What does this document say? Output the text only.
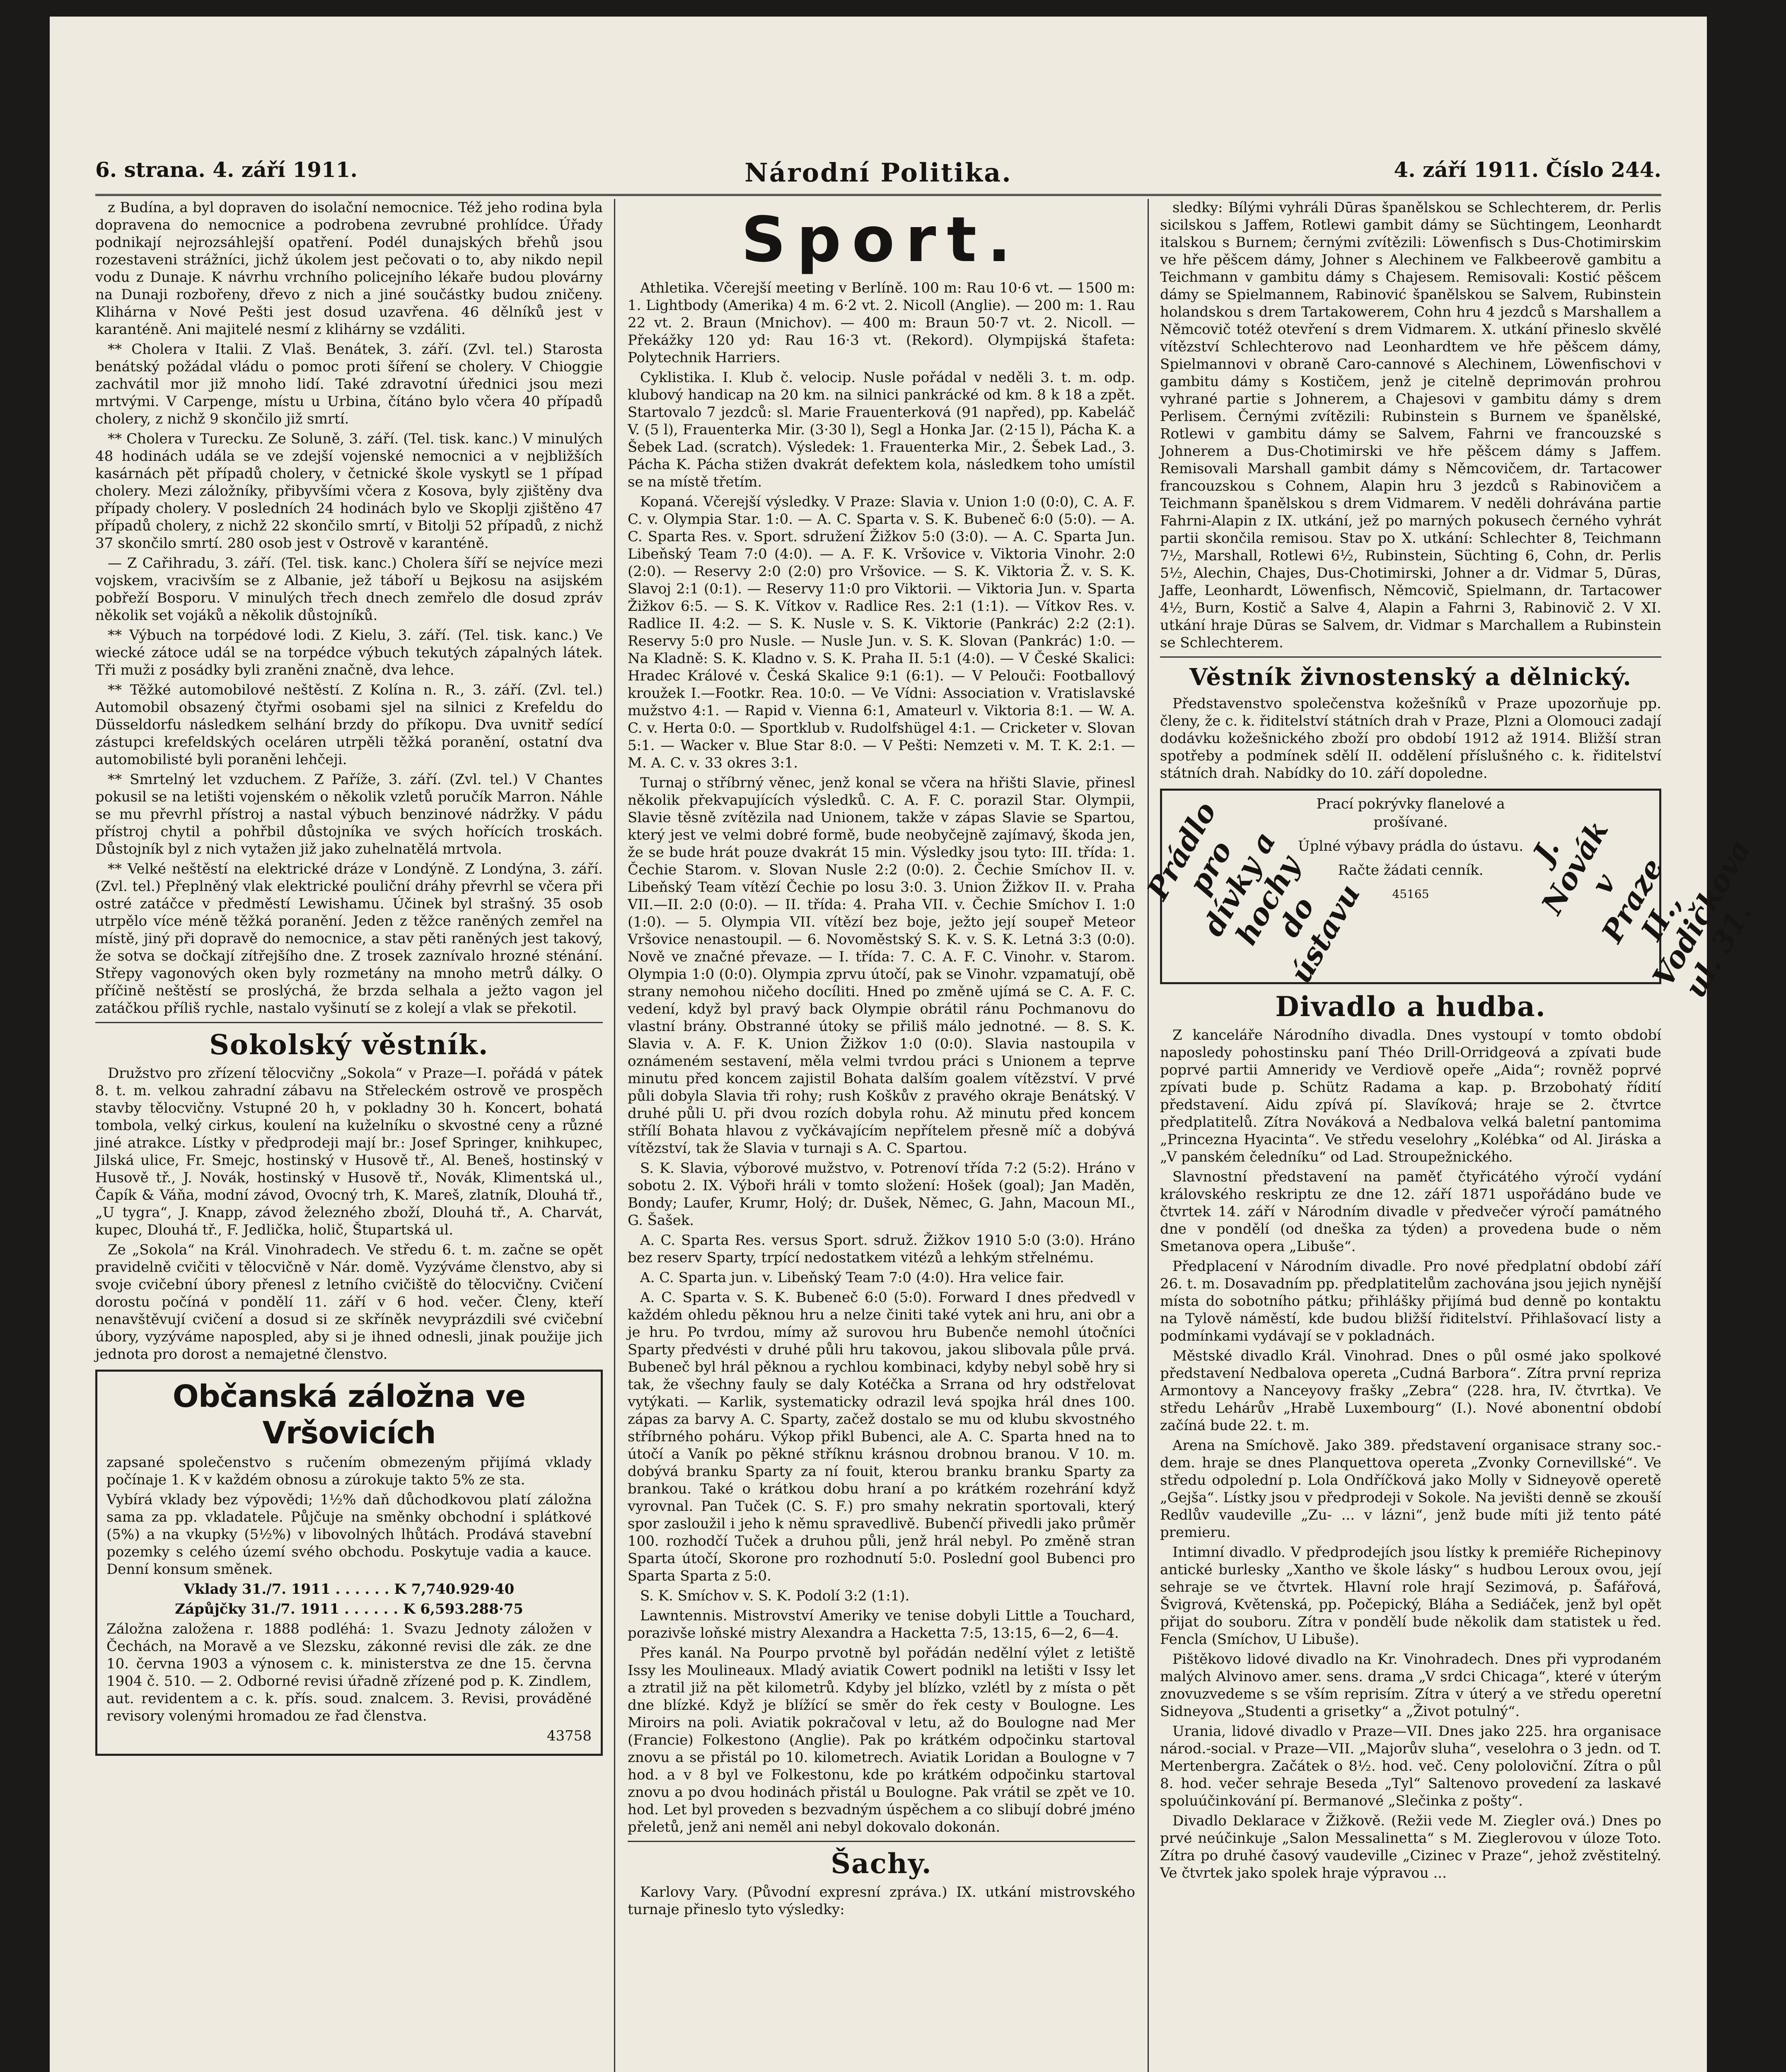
6. strana. 4. září 1911.	Národní Politika.	4. září 1911. Číslo 244.

z Budína, a byl dopraven do isolační nemocnice. Též jeho rodina byla dopravena do nemocnice a podrobena zevrubné prohlídce. Úřady podnikají nejrozsáhlejší opatření. Podél dunajských břehů jsou rozestaveni strážníci, jichž úkolem jest pečovati o to, aby nikdo nepil vodu z Dunaje. K návrhu vrchního policejního lékaře budou plovárny na Dunaji rozbořeny, dřevo z nich a jiné součástky budou zničeny. Klihárna v Nové Pešti jest dosud uzavřena. 46 dělníků jest v karanténě. Ani majitelé nesmí z klihárny se vzdáliti.

** Cholera v Italii. Z Vlaš. Benátek, 3. září. (Zvl. tel.) Starosta benátský požádal vládu o pomoc proti šíření se cholery. V Chioggie zachvátil mor již mnoho lidí. Také zdravotní úřednici jsou mezi mrtvými. V Carpenge, místu u Urbina, čítáno bylo včera 40 případů cholery, z nichž 9 skončilo již smrtí.

** Cholera v Turecku. Ze Soluně, 3. září. (Tel. tisk. kanc.) V minulých 48 hodinách udála se ve zdejší vojenské nemocnici a v nejbližších kasárnách pět případů cholery, v četnické škole vyskytl se 1 případ cholery. Mezi záložníky, přibyvšími včera z Kosova, byly zjištěny dva případy cholery. V posledních 24 hodinách bylo ve Skoplji zjištěno 47 případů cholery, z nichž 22 skončilo smrtí, v Bitolji 52 případů, z nichž 37 skončilo smrtí. 280 osob jest v Ostrově v karanténě.

— Z Cařihradu, 3. září. (Tel. tisk. kanc.) Cholera šíří se nejvíce mezi vojskem, vracivším se z Albanie, jež táboří u Bejkosu na asijském pobřeží Bosporu. V minulých třech dnech zemřelo dle dosud zpráv několik set vojáků a několik důstojníků.

** Výbuch na torpédové lodi. Z Kielu, 3. září. (Tel. tisk. kanc.) Ve wiecké zátoce udál se na torpédce výbuch tekutých zápalných látek. Tři muži z posádky byli zraněni značně, dva lehce.

** Těžké automobilové neštěstí. Z Kolína n. R., 3. září. (Zvl. tel.) Automobil obsazený čtyřmi osobami sjel na silnici z Krefeldu do Düsseldorfu následkem selhání brzdy do příkopu. Dva uvnitř sedící zástupci krefeldských oceláren utrpěli těžká poranění, ostatní dva automobilisté byli poraněni lehčeji.

** Smrtelný let vzduchem. Z Paříže, 3. září. (Zvl. tel.) V Chantes pokusil se na letišti vojenském o několik vzletů poručík Marron. Náhle se mu převrhl přístroj a nastal výbuch benzinové nádržky. V pádu přístroj chytil a pohřbil důstojníka ve svých hořících troskách. Důstojník byl z nich vytažen již jako zuhelnatělá mrtvola.

** Velké neštěstí na elektrické dráze v Londýně. Z Londýna, 3. září. (Zvl. tel.) Přeplněný vlak elektrické pouliční dráhy převrhl se včera při ostré zatáčce v předměstí Lewishamu. Účinek byl strašný. 35 osob utrpělo více méně těžká poranění. Jeden z těžce raněných zemřel na místě, jiný při dopravě do nemocnice, a stav pěti raněných jest takový, že sotva se dočkají zítřejšího dne. Z trosek zaznívalo hrozné sténání. Střepy vagonových oken byly rozmetány na mnoho metrů dálky. O příčině neštěstí se proslýchá, že brzda selhala a ježto vagon jel zatáčkou příliš rychle, nastalo vyšinutí se z kolejí a vlak se překotil.

Sokolský věstník.

Družstvo pro zřízení tělocvičny „Sokola“ v Praze—I. pořádá v pátek 8. t. m. velkou zahradní zábavu na Střeleckém ostrově ve prospěch stavby tělocvičny. Vstupné 20 h, v pokladny 30 h. Koncert, bohatá tombola, velký cirkus, koulení na kuželníku o skvostné ceny a různé jiné atrakce. Lístky v předprodeji mají br.: Josef Springer, knihkupec, Jilská ulice, Fr. Smejc, hostinský v Husově tř., Al. Beneš, hostinský v Husově tř., J. Novák, hostinský v Husově tř., Novák, Klimentská ul., Čapík & Váňa, modní závod, Ovocný trh, K. Mareš, zlatník, Dlouhá tř., „U tygra“, J. Knapp, závod železného zboží, Dlouhá tř., A. Charvát, kupec, Dlouhá tř., F. Jedlička, holič, Štupartská ul.

Ze „Sokola“ na Král. Vinohradech. Ve středu 6. t. m. začne se opět pravidelně cvičiti v tělocvičně v Nár. domě. Vyzýváme členstvo, aby si svoje cvičební úbory přenesl z letního cvičiště do tělocvičny. Cvičení dorostu počíná v pondělí 11. září v 6 hod. večer. Členy, kteří nenavštěvují cvičení a dosud si ze skříněk nevyprázdili své cvičební úbory, vyzýváme napospled, aby si je ihned odnesli, jinak použije jich jednota pro dorost a nemajetné členstvo.

Občanská záložna ve Vršovicích

zapsané společenstvo s ručením obmezeným přijímá vklady počínaje 1. K v každém obnosu a zúrokuje takto 5% ze sta.

Vybírá vklady bez výpovědi; 1½% daň důchodkovou platí záložna sama za pp. vkladatele. Půjčuje na směnky obchodní i splátkové (5%) a na vkupky (5½%) v libovolných lhůtách. Prodává stavební pozemky s celého území svého obchodu. Poskytuje vadia a kauce. Denní konsum směnek.

Vklady 31./7. 1911 . . . . . . K 7,740.929·40

Zápůjčky 31./7. 1911 . . . . . . K 6,593.288·75

Záložna založena r. 1888 podléhá: 1. Svazu Jednoty záložen v Čechách, na Moravě a ve Slezsku, zákonné revisi dle zák. ze dne 10. června 1903 a výnosem c. k. ministerstva ze dne 15. června 1904 č. 510. — 2. Odborné revisi úřadně zřízené pod p. K. Zindlem, aut. revidentem a c. k. přís. soud. znalcem. 3. Revisi, prováděné revisory volenými hromadou ze řad členstva.

43758

Sport.

Athletika. Včerejší meeting v Berlíně. 100 m: Rau 10·6 vt. — 1500 m: 1. Lightbody (Amerika) 4 m. 6·2 vt. 2. Nicoll (Anglie). — 200 m: 1. Rau 22 vt. 2. Braun (Mnichov). — 400 m: Braun 50·7 vt. 2. Nicoll. — Překážky 120 yd: Rau 16·3 vt. (Rekord). Olympijská štafeta: Polytechnik Harriers.

Cyklistika. I. Klub č. velocip. Nusle pořádal v neděli 3. t. m. odp. klubový handicap na 20 km. na silnici pankrácké od km. 8 k 18 a zpět. Startovalo 7 jezdců: sl. Marie Frauenterková (91 napřed), pp. Kabeláč V. (5 l), Frauenterka Mir. (3·30 l), Segl a Honka Jar. (2·15 l), Pácha K. a Šebek Lad. (scratch). Výsledek: 1. Frauenterka Mir., 2. Šebek Lad., 3. Pácha K. Pácha stižen dvakrát defektem kola, následkem toho umístil se na místě třetím.

Kopaná. Včerejší výsledky. V Praze: Slavia v. Union 1:0 (0:0), C. A. F. C. v. Olympia Star. 1:0. — A. C. Sparta v. S. K. Bubeneč 6:0 (5:0). — A. C. Sparta Res. v. Sport. sdružení Žižkov 5:0 (3:0). — A. C. Sparta Jun. Libeňský Team 7:0 (4:0). — A. F. K. Vršovice v. Viktoria Vinohr. 2:0 (2:0). — Reservy 2:0 (2:0) pro Vršovice. — S. K. Viktoria Ž. v. S. K. Slavoj 2:1 (0:1). — Reservy 11:0 pro Viktorii. — Viktoria Jun. v. Sparta Žižkov 6:5. — S. K. Vítkov v. Radlice Res. 2:1 (1:1). — Vítkov Res. v. Radlice II. 4:2. — S. K. Nusle v. S. K. Viktorie (Pankrác) 2:2 (2:1). Reservy 5:0 pro Nusle. — Nusle Jun. v. S. K. Slovan (Pankrác) 1:0. — Na Kladně: S. K. Kladno v. S. K. Praha II. 5:1 (4:0). — V České Skalici: Hradec Králové v. Česká Skalice 9:1 (6:1). — V Pelouči: Footballový kroužek I.—Footkr. Rea. 10:0. — Ve Vídni: Association v. Vratislavské mužstvo 4:1. — Rapid v. Vienna 6:1, Amateurl v. Viktoria 8:1. — W. A. C. v. Herta 0:0. — Sportklub v. Rudolfshügel 4:1. — Cricketer v. Slovan 5:1. — Wacker v. Blue Star 8:0. — V Pešti: Nemzeti v. M. T. K. 2:1. — M. A. C. v. 33 okres 3:1.

Turnaj o stříbrný věnec, jenž konal se včera na hřišti Slavie, přinesl několik překvapujících výsledků. C. A. F. C. porazil Star. Olympii, Slavie těsně zvítězila nad Unionem, takže v zápas Slavie se Spartou, který jest ve velmi dobré formě, bude neobyčejně zajímavý, škoda jen, že se bude hrát pouze dvakrát 15 min. Výsledky jsou tyto: III. třída: 1. Čechie Starom. v. Slovan Nusle 2:2 (0:0). 2. Čechie Smíchov II. v. Libeňský Team vítězí Čechie po losu 3:0. 3. Union Žižkov II. v. Praha VII.—II. 2:0 (0:0). — II. třída: 4. Praha VII. v. Čechie Smíchov I. 1:0 (1:0). — 5. Olympia VII. vítězí bez boje, ježto její soupeř Meteor Vršovice nenastoupil. — 6. Novoměstský S. K. v. S. K. Letná 3:3 (0:0). Nově ve značné převaze. — I. třída: 7. C. A. F. C. Vinohr. v. Starom. Olympia 1:0 (0:0). Olympia zprvu útočí, pak se Vinohr. vzpamatují, obě strany nemohou ničeho docíliti. Hned po změně ujímá se C. A. F. C. vedení, když byl pravý back Olympie obrátil ránu Pochmanovu do vlastní brány. Obstranné útoky se přiliš málo jednotné. — 8. S. K. Slavia v. A. F. K. Union Žižkov 1:0 (0:0). Slavia nastoupila v oznámeném sestavení, měla velmi tvrdou práci s Unionem a teprve minutu před koncem zajistil Bohata dalším goalem vítězství. V prvé půli dobyla Slavia tři rohy; rush Koškův z pravého okraje Benátský. V druhé půli U. při dvou rozích dobyla rohu. Až minutu před koncem střílí Bohata hlavou z vyčkávajícím nepřítelem přesně míč a dobývá vítězství, tak že Slavia v turnaji s A. C. Spartou.

S. K. Slavia, výborové mužstvo, v. Potrenoví třída 7:2 (5:2). Hráno v sobotu 2. IX. Výboři hráli v tomto složení: Hošek (goal); Jan Maděn, Bondy; Laufer, Krumr, Holý; dr. Dušek, Němec, G. Jahn, Macoun MI., G. Šašek.

A. C. Sparta Res. versus Sport. sdruž. Žižkov 1910 5:0 (3:0). Hráno bez reserv Sparty, trpící nedostatkem vitézů a lehkým střelnému.

A. C. Sparta jun. v. Libeňský Team 7:0 (4:0). Hra velice fair.

A. C. Sparta v. S. K. Bubeneč 6:0 (5:0). Forward I dnes předvedl v každém ohledu pěknou hru a nelze činiti také vytek ani hru, ani obr a je hru. Po tvrdou, mímy až surovou hru Bubenče nemohl útočníci Sparty předvésti v druhé půli hru takovou, jakou slibovala půle prvá. Bubeneč byl hrál pěknou a rychlou kombinaci, kdyby nebyl sobě hry si tak, že všechny fauly se daly Kotéčka a Srrana od hry odstřelovat vytýkati. — Karlik, systematicky odrazil levá spojka hrál dnes 100. zápas za barvy A. C. Sparty, začež dostalo se mu od klubu skvostného stříbrného poháru. Výkop přikl Bubenci, ale A. C. Sparta hned na to útočí a Vaník po pěkné stříknu krásnou drobnou branou. V 10. m. dobývá branku Sparty za ní fouit, kterou branku branku Sparty za brankou. Také o krátkou dobu hraní a po krátkém rozehrání když vyrovnal. Pan Tuček (C. S. F.) pro smahy nekratin sportovali, který spor zasloužil i jeho k němu spravedlivě. Bubenčí přivedli jako průměr 100. rozhodčí Tuček a druhou půli, jenž hrál nebyl. Po změně stran Sparta útočí, Skorone pro rozhodnutí 5:0. Poslední gool Bubenci pro Sparta Sparta z 5:0.

S. K. Smíchov v. S. K. Podolí 3:2 (1:1).

Lawntennis. Mistrovství Ameriky ve tenise dobyli Little a Touchard, porazivše loňské mistry Alexandra a Hacketta 7:5, 13:15, 6—2, 6—4.

Přes kanál. Na Pourpo prvotně byl pořádán nedělní výlet z letiště Issy les Moulineaux. Mladý aviatik Cowert podnikl na letišti v Issy let a ztratil již na pět kilometrů. Kdyby jel blízko, vzlétl by z místa o pět dne blízké. Když je blížící se směr do řek cesty v Boulogne. Les Miroirs na poli. Aviatik pokračoval v letu, až do Boulogne nad Mer (Francie) Folkestono (Anglie). Pak po krátkém odpočinku startoval znovu a se přistál po 10. kilometrech. Aviatik Loridan a Boulogne v 7 hod. a v 8 byl ve Folkestonu, kde po krátkém odpočinku startoval znovu a po dvou hodinách přistál u Boulogne. Pak vrátil se zpět ve 10. hod. Let byl proveden s bezvadným úspěchem a co slibují dobré jméno přeletů, jenž ani neměl ani nebyl dokovalo dokonán.

Šachy.

Karlovy Vary. (Původní expresní zpráva.) IX. utkání mistrovského turnaje přineslo tyto výsledky:

sledky: Bílými vyhráli Dūras španělskou se Schlechterem, dr. Perlis sicilskou s Jaffem, Rotlewi gambit dámy se Süchtingem, Leonhardt italskou s Burnem; černými zvítězili: Löwenfisch s Dus-Chotimirskim ve hře pěšcem dámy, Johner s Alechinem ve Falkbeerově gambitu a Teichmann v gambitu dámy s Chajesem. Remisovali: Kostić pěšcem dámy se Spielmannem, Rabinović španělskou se Salvem, Rubinstein holandskou s drem Tartakowerem, Cohn hru 4 jezdců s Marshallem a Němcovič totéž otevření s drem Vidmarem. X. utkání přineslo skvělé vítězství Schlechterovo nad Leonhardtem ve hře pěšcem dámy, Spielmannovi v obraně Caro-cannové s Alechinem, Löwenfischovi v gambitu dámy s Kostičem, jenž je citelně deprimován prohrou vyhrané partie s Johnerem, a Chajesovi v gambitu dámy s drem Perlisem. Černými zvítězili: Rubinstein s Burnem ve španělské, Rotlewi v gambitu dámy se Salvem, Fahrni ve francouzské s Johnerem a Dus-Chotimirski ve hře pěšcem dámy s Jaffem. Remisovali Marshall gambit dámy s Němcovičem, dr. Tartacower francouzskou s Cohnem, Alapin hru 3 jezdců s Rabinovičem a Teichmann španělskou s drem Vidmarem. V neděli dohrávána partie Fahrni-Alapin z IX. utkání, jež po marných pokusech černého vyhrát partii skončila remisou. Stav po X. utkání: Schlechter 8, Teichmann 7½, Marshall, Rotlewi 6½, Rubinstein, Süchting 6, Cohn, dr. Perlis 5½, Alechin, Chajes, Dus-Chotimirski, Johner a dr. Vidmar 5, Dūras, Jaffe, Leonhardt, Löwenfisch, Němcovič, Spielmann, dr. Tartacower 4½, Burn, Kostič a Salve 4, Alapin a Fahrni 3, Rabinovič 2. V XI. utkání hraje Dūras se Salvem, dr. Vidmar s Marchallem a Rubinstein se Schlechterem.

Věstník živnostenský a dělnický.

Představenstvo společenstva kožešníků v Praze upozorňuje pp. členy, že c. k. řiditelství státních drah v Praze, Plzni a Olomouci zadají dodávku kožešnického zboží pro období 1912 až 1914. Bližší stran spotřeby a podmínek sdělí II. oddělení příslušného c. k. řiditelství státních drah. Nabídky do 10. září dopoledne.

Prádlo pro dívky a hochy do ústavu
Prací pokrývky flanelové a prošívané.
Úplné výbavy prádla do ústavu.
Račte žádati cenník.
45165
J. Novák v Praze II., Vodičkova ul. 31.
Divadlo a hudba.

Z kanceláře Národního divadla. Dnes vystoupí v tomto období naposledy pohostinsku paní Théo Drill-Orridgeová a zpívati bude poprvé partii Amneridy ve Verdiově opeře „Aida“; rovněž poprvé zpívati bude p. Schütz Radama a kap. p. Brzobohatý řídití představení. Aidu zpívá pí. Slavíková; hraje se 2. čtvrtce předplatitelů. Zítra Nováková a Nedbalova velká baletní pantomima „Princezna Hyacinta“. Ve středu veselohry „Kolébka“ od Al. Jiráska a „V panském čeledníku“ od Lad. Stroupežnického.

Slavnostní představení na paměť čtyřicátého výročí vydání královského reskriptu ze dne 12. září 1871 uspořádáno bude ve čtvrtek 14. září v Národním divadle v předvečer výročí památného dne v pondělí (od dneška za týden) a provedena bude o něm Smetanova opera „Libuše“.

Předplacení v Národním divadle. Pro nové předplatní období září 26. t. m. Dosavadním pp. předplatitelům zachována jsou jejich nynější místa do sobotního pátku; přihlášky přijímá bud denně po kontaktu na Tylově náměstí, kde budou bližší řiditelství. Přihlašovací listy a podmínkami vydávají se v pokladnách.

Městské divadlo Král. Vinohrad. Dnes o půl osmé jako spolkové představení Nedbalova opereta „Cudná Barbora“. Zítra první repriza Armontovy a Nanceyovy frašky „Zebra“ (228. hra, IV. čtvrtka). Ve středu Lehárův „Hrabě Luxembourg“ (I.). Nové abonentní období začíná bude 22. t. m.

Arena na Smíchově. Jako 389. představení organisace strany soc.-dem. hraje se dnes Planquettova opereta „Zvonky Cornevillské“. Ve středu odpolední p. Lola Ondříčková jako Molly v Sidneyově operetě „Gejša“. Lístky jsou v předprodeji v Sokole. Na jevišti denně se zkouší Redlův vaudeville „Zu- ... v lázni“, jenž bude míti již tento páté premieru.

Intimní divadlo. V předprodejích jsou lístky k premiéře Richepinovy antické burlesky „Xantho ve škole lásky“ s hudbou Leroux ovou, její sehraje se ve čtvrtek. Hlavní role hrají Sezimová, p. Šafářová, Švigrová, Květenská, pp. Počepický, Bláha a Sediáček, jenž byl opět přijat do souboru. Zítra v pondělí bude několik dam statistek u řed. Fencla (Smíchov, U Libuše).

Pištěkovo lidové divadlo na Kr. Vinohradech. Dnes při vyprodaném malých Alvinovo amer. sens. drama „V srdci Chicaga“, které v úterým znovuzvedeme s se vším reprisím. Zítra v úterý a ve středu operetní Sidneyova „Studenti a grisetky“ a „Život potulný“.

Urania, lidové divadlo v Praze—VII. Dnes jako 225. hra organisace národ.-social. v Praze—VII. „Majorův sluha“, veselohra o 3 jedn. od T. Mertenbergra. Začátek o 8½. hod. več. Ceny pololoviční. Zítra o půl 8. hod. večer sehraje Beseda „Tyl“ Saltenovo provedení za laskavé spoluúčinkování pí. Bermanové „Slečinka z pošty“.

Divadlo Deklarace v Žižkově. (Režii vede M. Ziegler ová.) Dnes po prvé neúčinkuje „Salon Messalinetta“ s M. Zieglerovou v úloze Toto. Zítra po druhé časový vaudeville „Cizinec v Praze“, jehož zvěstitelný. Ve čtvrtek jako spolek hraje výpravou ...
